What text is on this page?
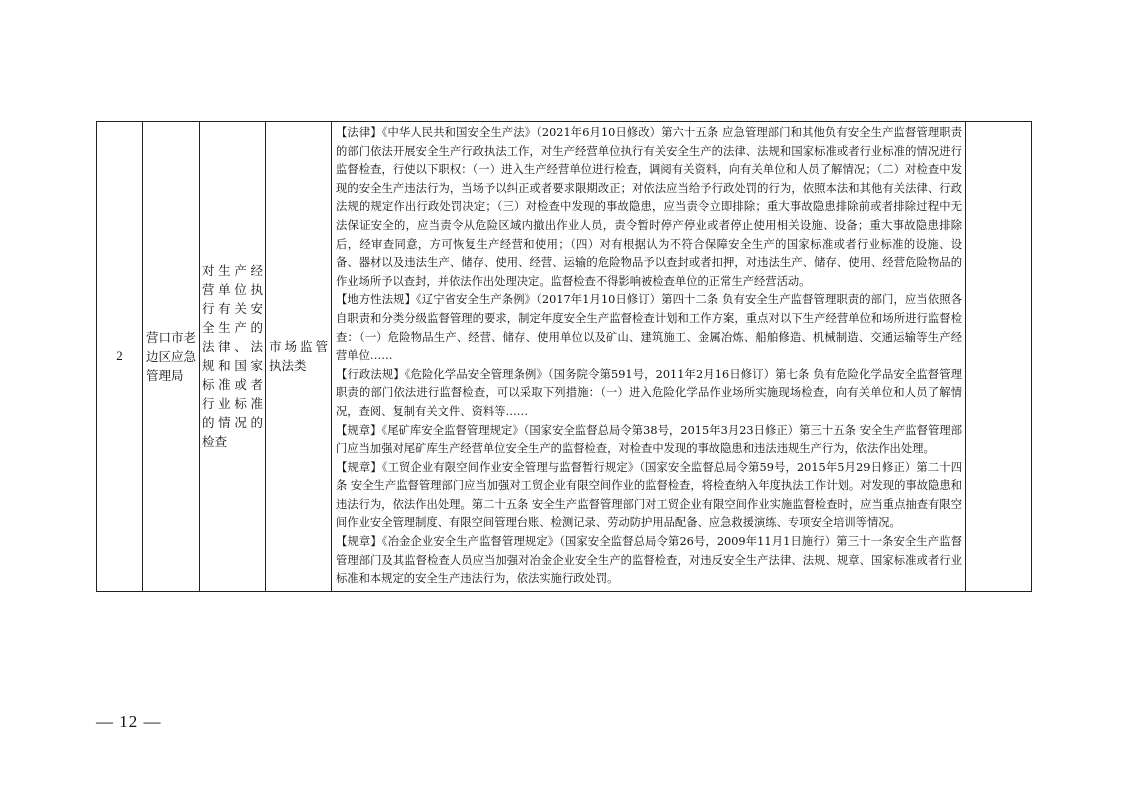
2	营口市老边区应急管理局	对生产经营单位执行有关安全生产的法律、法规和国家标准或者行业标准的情况的检查	市场监管执法类	

【法律】《中华人民共和国安全生产法》（2021年6月10日修改）第六十五条 应急管理部门和其他负有安全生产监督管理职责的部门依法开展安全生产行政执法工作，对生产经营单位执行有关安全生产的法律、法规和国家标准或者行业标准的情况进行监督检查，行使以下职权：（一）进入生产经营单位进行检查，调阅有关资料，向有关单位和人员了解情况；（二）对检查中发现的安全生产违法行为，当场予以纠正或者要求限期改正；对依法应当给予行政处罚的行为，依照本法和其他有关法律、行政法规的规定作出行政处罚决定；（三）对检查中发现的事故隐患，应当责令立即排除；重大事故隐患排除前或者排除过程中无法保证安全的，应当责令从危险区域内撤出作业人员，责令暂时停产停业或者停止使用相关设施、设备；重大事故隐患排除后，经审查同意，方可恢复生产经营和使用；（四）对有根据认为不符合保障安全生产的国家标准或者行业标准的设施、设备、器材以及违法生产、储存、使用、经营、运输的危险物品予以查封或者扣押，对违法生产、储存、使用、经营危险物品的作业场所予以查封，并依法作出处理决定。监督检查不得影响被检查单位的正常生产经营活动。

【地方性法规】《辽宁省安全生产条例》（2017年1月10日修订）第四十二条 负有安全生产监督管理职责的部门，应当依照各自职责和分类分级监督管理的要求，制定年度安全生产监督检查计划和工作方案，重点对以下生产经营单位和场所进行监督检查：（一）危险物品生产、经营、储存、使用单位以及矿山、建筑施工、金属冶炼、船舶修造、机械制造、交通运输等生产经营单位……

【行政法规】《危险化学品安全管理条例》（国务院令第591号，2011年2月16日修订）第七条 负有危险化学品安全监督管理职责的部门依法进行监督检查，可以采取下列措施：（一）进入危险化学品作业场所实施现场检查，向有关单位和人员了解情况，查阅、复制有关文件、资料等……

【规章】《尾矿库安全监督管理规定》（国家安全监督总局令第38号，2015年3月23日修正）第三十五条 安全生产监督管理部门应当加强对尾矿库生产经营单位安全生产的监督检查，对检查中发现的事故隐患和违法违规生产行为，依法作出处理。

【规章】《工贸企业有限空间作业安全管理与监督暂行规定》（国家安全监督总局令第59号，2015年5月29日修正）第二十四条 安全生产监督管理部门应当加强对工贸企业有限空间作业的监督检查，将检查纳入年度执法工作计划。对发现的事故隐患和违法行为，依法作出处理。第二十五条 安全生产监督管理部门对工贸企业有限空间作业实施监督检查时，应当重点抽查有限空间作业安全管理制度、有限空间管理台账、检测记录、劳动防护用品配备、应急救援演练、专项安全培训等情况。

【规章】《冶金企业安全生产监督管理规定》（国家安全监督总局令第26号，2009年11月1日施行）第三十一条安全生产监督管理部门及其监督检查人员应当加强对冶金企业安全生产的监督检查，对违反安全生产法律、法规、规章、国家标准或者行业标准和本规定的安全生产违法行为，依法实施行政处罚。

— 12 —
